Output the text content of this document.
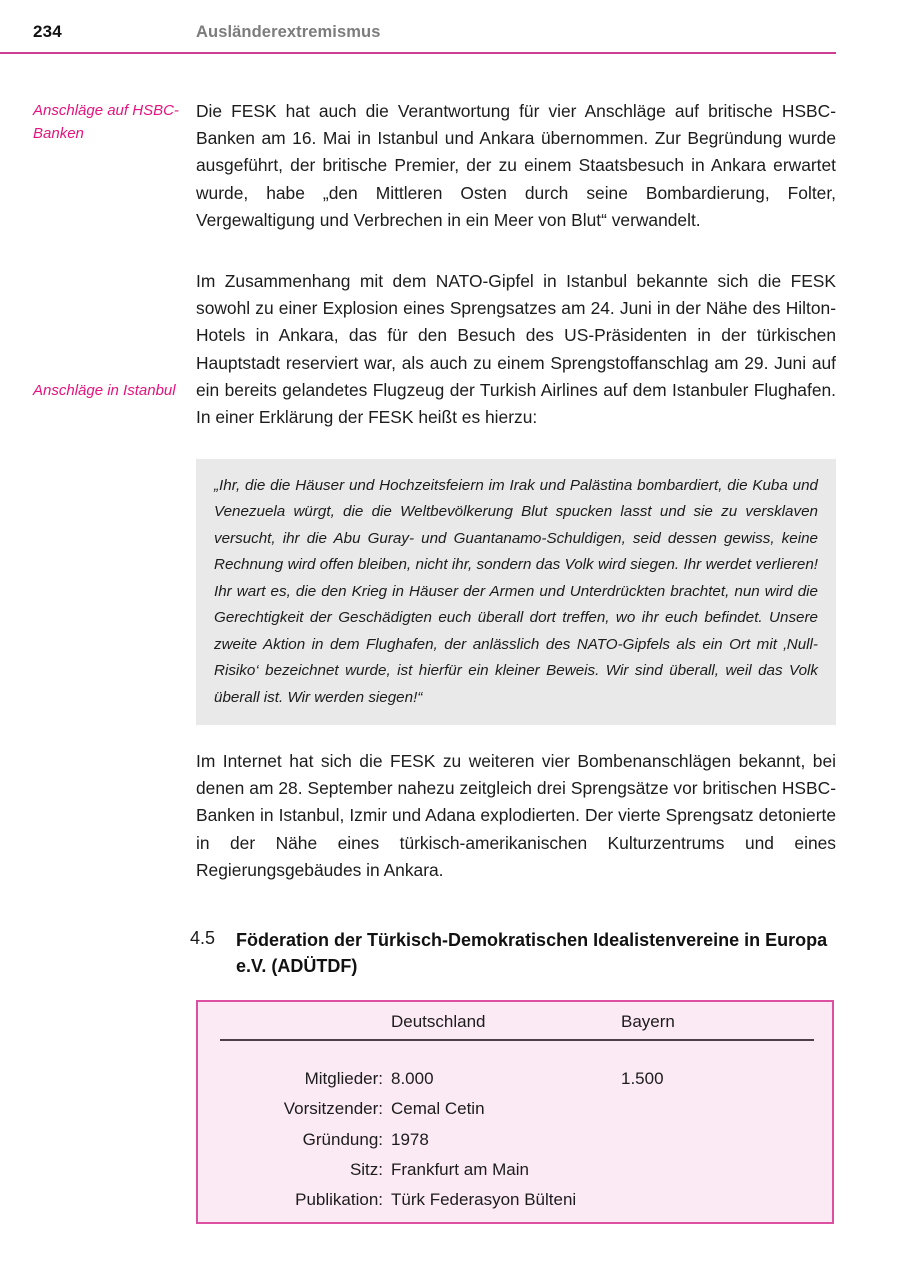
234	Ausländerextremismus
Anschläge auf HSBC-Banken
Anschläge in Istanbul

Die FESK hat auch die Verantwortung für vier Anschläge auf britische HSBC-Banken am 16. Mai in Istanbul und Ankara übernommen. Zur Begründung wurde ausgeführt, der britische Premier, der zu einem Staatsbesuch in Ankara erwartet wurde, habe „den Mittleren Osten durch seine Bombardierung, Folter, Vergewaltigung und Verbrechen in ein Meer von Blut“ verwandelt.

Im Zusammenhang mit dem NATO-Gipfel in Istanbul bekannte sich die FESK sowohl zu einer Explosion eines Sprengsatzes am 24. Juni in der Nähe des Hilton-Hotels in Ankara, das für den Besuch des US-Präsidenten in der türkischen Hauptstadt reserviert war, als auch zu einem Sprengstoffanschlag am 29. Juni auf ein bereits gelandetes Flugzeug der Turkish Airlines auf dem Istanbuler Flughafen. In einer Erklärung der FESK heißt es hierzu:

„Ihr, die die Häuser und Hochzeitsfeiern im Irak und Palästina bombardiert, die Kuba und Venezuela würgt, die die Weltbevölkerung Blut spucken lasst und sie zu versklaven versucht, ihr die Abu Guray- und Guantanamo-Schuldigen, seid dessen gewiss, keine Rechnung wird offen bleiben, nicht ihr, sondern das Volk wird siegen. Ihr werdet verlieren! Ihr wart es, die den Krieg in Häuser der Armen und Unterdrückten brachtet, nun wird die Gerechtigkeit der Geschädigten euch überall dort treffen, wo ihr euch befindet. Unsere zweite Aktion in dem Flughafen, der anlässlich des NATO-Gipfels als ein Ort mit ‚Null-Risiko‘ bezeichnet wurde, ist hierfür ein kleiner Beweis. Wir sind überall, weil das Volk überall ist. Wir werden siegen!“

Im Internet hat sich die FESK zu weiteren vier Bombenanschlägen bekannt, bei denen am 28. September nahezu zeitgleich drei Sprengsätze vor britischen HSBC-Banken in Istanbul, Izmir und Adana explodierten. Der vierte Sprengsatz detonierte in der Nähe eines türkisch-amerikanischen Kulturzentrums und eines Regierungsgebäudes in Ankara.

4.5	Föderation der Türkisch-Demokratischen Idealistenvereine in Europa e.V. (ADÜTDF)
	Deutschland	Bayern

Mitglieder:	8.000	1.500
Vorsitzender:	Cemal Cetin	
Gründung:	1978	
Sitz:	Frankfurt am Main	
Publikation:	Türk Federasyon Bülteni	
